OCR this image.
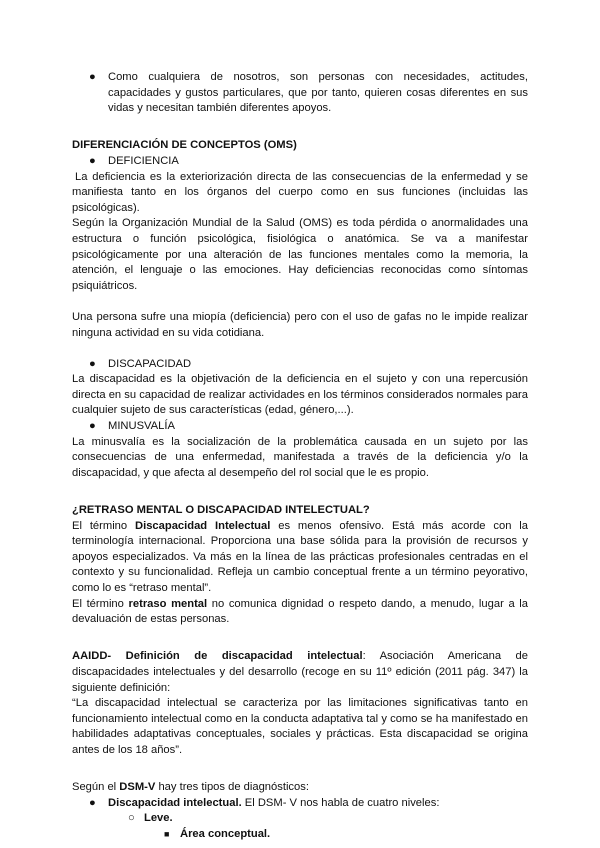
● Como cualquiera de nosotros, son personas con necesidades, actitudes, capacidades y gustos particulares, que por tanto, quieren cosas diferentes en sus vidas y necesitan también diferentes apoyos.

DIFERENCIACIÓN DE CONCEPTOS (OMS)

● DEFICIENCIA

La deficiencia es la exteriorización directa de las consecuencias de la enfermedad y se manifiesta tanto en los órganos del cuerpo como en sus funciones (incluidas las psicológicas).

Según la Organización Mundial de la Salud (OMS) es toda pérdida o anormalidades una estructura o función psicológica, fisiológica o anatómica. Se va a manifestar psicológicamente por una alteración de las funciones mentales como la memoria, la atención, el lenguaje o las emociones. Hay deficiencias reconocidas como síntomas psiquiátricos.

Una persona sufre una miopía (deficiencia) pero con el uso de gafas no le impide realizar ninguna actividad en su vida cotidiana.

● DISCAPACIDAD

La discapacidad es la objetivación de la deficiencia en el sujeto y con una repercusión directa en su capacidad de realizar actividades en los términos considerados normales para cualquier sujeto de sus características (edad, género,...).

● MINUSVALÍA

La minusvalía es la socialización de la problemática causada en un sujeto por las consecuencias de una enfermedad, manifestada a través de la deficiencia y/o la discapacidad, y que afecta al desempeño del rol social que le es propio.

¿RETRASO MENTAL O DISCAPACIDAD INTELECTUAL?

El término Discapacidad Intelectual es menos ofensivo. Está más acorde con la terminología internacional. Proporciona una base sólida para la provisión de recursos y apoyos especializados. Va más en la línea de las prácticas profesionales centradas en el contexto y su funcionalidad. Refleja un cambio conceptual frente a un término peyorativo, como lo es “retraso mental”.

El término retraso mental no comunica dignidad o respeto dando, a menudo, lugar a la devaluación de estas personas.

AAIDD- Definición de discapacidad intelectual: Asociación Americana de discapacidades intelectuales y del desarrollo (recoge en su 11º edición (2011 pág. 347) la siguiente definición:

“La discapacidad intelectual se caracteriza por las limitaciones significativas tanto en funcionamiento intelectual como en la conducta adaptativa tal y como se ha manifestado en habilidades adaptativas conceptuales, sociales y prácticas. Esta discapacidad se origina antes de los 18 años”.

Según el DSM-V hay tres tipos de diagnósticos:

● Discapacidad intelectual. El DSM- V nos habla de cuatro niveles:

○ Leve.

■ Área conceptual.
